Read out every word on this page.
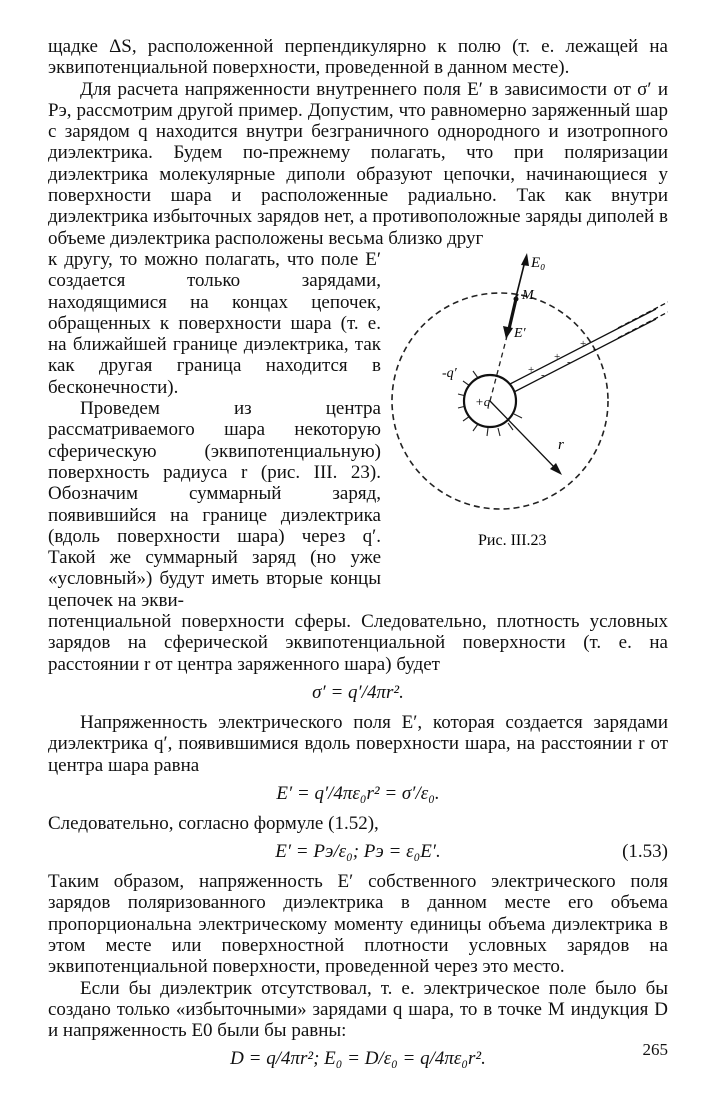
щадке ΔS, расположенной перпендикулярно к полю (т. е. лежащей на эквипотенциальной поверхности, проведенной в данном месте).

Для расчета напряженности внутреннего поля E′ в зависимости от σ′ и Pэ, рассмотрим другой пример. Допустим, что равномерно заряженный шар с зарядом q находится внутри безграничного однородного и изотропного диэлектрика. Будем по-прежнему полагать, что при поляризации диэлектрика молекулярные диполи образуют цепочки, начинающиеся у поверхности шара и расположенные радиально. Так как внутри диэлектрика избыточных зарядов нет, а противоположные заряды диполей в объеме диэлектрика расположены весьма близко друг

+ -
+ -
+ -
E₀
M
E′
-q′
+q
r
Рис. III.23

к другу, то можно полагать, что поле E′ создается только зарядами, находящимися на концах цепочек, обращенных к поверхности шара (т. е. на ближайшей границе диэлектрика, так как другая граница находится в бесконечности).

Проведем из центра рассматриваемого шара некоторую сферическую (эквипотенциальную) поверхность радиуса r (рис. III. 23). Обозначим суммарный заряд, появившийся на границе диэлектрика (вдоль поверхности шара) через q′. Такой же суммарный заряд (но уже «условный») будут иметь вторые концы цепочек на экви-

потенциальной поверхности сферы. Следовательно, плотность условных зарядов на сферической эквипотенциальной поверхности (т. е. на расстоянии r от центра заряженного шара) будет

σ′ = q′/4πr².

Напряженность электрического поля E′, которая создается зарядами диэлектрика q′, появившимися вдоль поверхности шара, на расстоянии r от центра шара равна

E′ = q′/4πε₀r² = σ′/ε₀.

Следовательно, согласно формуле (1.52),

E′ = Pэ/ε₀; Pэ = ε₀E′.	(1.53)

Таким образом, напряженность E′ собственного электрического поля зарядов поляризованного диэлектрика в данном месте его объема пропорциональна электрическому моменту единицы объема диэлектрика в этом месте или поверхностной плотности условных зарядов на эквипотенциальной поверхности, проведенной через это место.

Если бы диэлектрик отсутствовал, т. е. электрическое поле было бы создано только «избыточными» зарядами q шара, то в точке M индукция D и напряженность E0 были бы равны:

D = q/4πr²; E₀ = D/ε₀ = q/4πε₀r².	265
